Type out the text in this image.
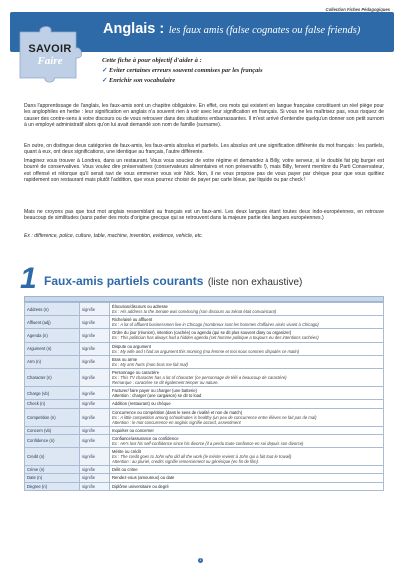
Collection Fiches Pédagogiques
SAVOIR
Faire
Anglais : les faux amis (false cognates ou false friends)
Cette fiche à pour objectif d'aider à :
✓ Eviter certaines erreurs souvent commises par les français
✓ Enrichir son vocabulaire

Dans l'apprentissage de l'anglais, les faux-amis sont un chapitre obligatoire. En effet, ces mots qui existent en langue française constituent un réel piège pour les anglophiles en herbe : leur signification en anglais n'a souvent rien à voir avec leur signification en français. Si vous ne les maîtrisez pas, vous risquez de causer des contre-sens à votre discours ou de vous retrouver dans des situations embarrassantes. Il m'est arrivé d'entendre quelqu'un donner son petit surnom à un employé administratif alors qu'on lui avait demandé son nom de famille (surname).

En outre, on distingue deux catégories de faux-amis, les faux-amis absolus et partiels. Les absolus ont une signification différente du mot français : les partiels, quant à eux, ont deux significations, une identique au français, l'autre différente.

Imaginez vous trouver à Londres, dans un restaurant. Vous vous souciez de votre régime et demandez à Billy, votre serveur, si le double fat pig burger est bourré de conservatives. Vous voulez dire préservatives (conservateurs alimentaires et non préservatifs !), mais Billy, fervent membre du Parti Conservateur, est offensé et rétorque qu'il serait ravi de vous emmener vous voir Nick. Non, il ne vous propose pas de vous payer par chèque pour que vous quittiez rapidement son restaurant mais plutôt l'addition, que vous pourrez choisir de payer par carte bleue, par liquide ou par check !

Mais ne croyons pas que tout mot anglais ressemblant au français est un faux-ami. Les deux langues étant toutes deux indo-européennes, en retrouve beaucoup de similitudes (sans parler des mots d'origine grecque qui se retrouvent dans la majeure partie des langues européennes.)

Ex : difference, police, culture, table, machine, invention, evidence, vehicle, etc.

1 Faux-amis partiels courants (liste non exhaustive)
Address (n)	signifie	Élocution/discours ou adresse
Ex : His address to the Senate was convincing (son discours au Sénat était convaincant)

Affluent (adj)	signifie	Riche/aisé ou affluent
Ex : A lot of affluent businessmen live in Chicago (nombreux sont les hommes d'affaires aisés vivant à Chicago)

Agenda (n)	signifie	Ordre du jour (réunion), intention (cachée) ou agenda (qui se dit plus souvent diary ou organizer)
Ex : This politician has always had a hidden agenda (cet homme politique a toujours eu des intentions cachées)

Argument (n)	signifie	Dispute ou argument
Ex : My wife and I had an argument this morning (ma femme et moi nous sommes disputés ce matin)

Arm (n)	signifie	Bras ou arme
Ex : My arm hurts (mon bras me fait mal)

Character (n)	signifie	Personnage ou caractère
Ex : This TV character has a lot of character (ce personnage de télé a beaucoup de caractère)
Remarque : caractère se dit également temper ou nature.

Charge (vb)	signifie	Facturer/ faire payer ou charger (une batterie)
Attention : charger (une cargaison) se dit to load

Check (n)	signifie	Addition (restaurant) ou chèque

Competition (n)	signifie	Concurrence ou compétition (dans le sens de rivalité et non de match)
Ex : A little competition among schoolmates is healthy (un peu de concurrence entre élèves ne fait pas de mal)
Attention : le mot concurrence en anglais signifie accord, assentiment

Concern (vb)	signifie	Inquiéter ou concerner

Confidence (n)	signifie	Confiance/assurance ou confidence
Ex : He's lost his self-confidence since his divorce (il a perdu toute confiance en soi depuis son divorce)

Credit (n)	signifie	Mérite ou crédit
Ex : The credit goes to John who did all the work (le mérite revient à John qui a fait tout le travail)
Attention : au pluriel, credits signifie remerciement ou générique (en fin de film).

Crime (n)	signifie	Délit ou crime

Date (n)	signifie	Rendez-vous (amoureux) ou date

Degree (n)	signifie	Diplôme universitaire ou degré
1
